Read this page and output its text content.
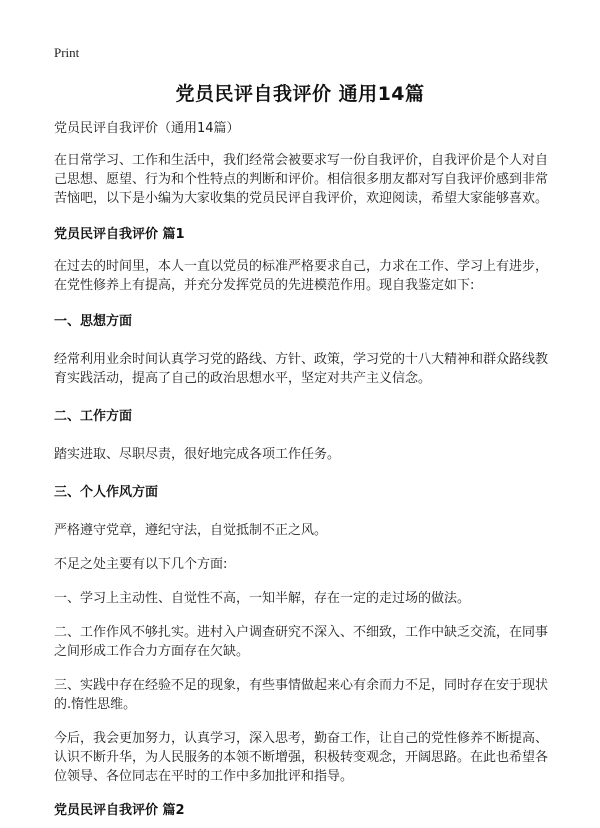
Print
党员民评自我评价 通用14篇

党员民评自我评价（通用14篇）

在日常学习、工作和生活中，我们经常会被要求写一份自我评价，自我评价是个人对自己思想、愿望、行为和个性特点的判断和评价。相信很多朋友都对写自我评价感到非常苦恼吧，以下是小编为大家收集的党员民评自我评价，欢迎阅读，希望大家能够喜欢。

党员民评自我评价 篇1

在过去的时间里，本人一直以党员的标准严格要求自己，力求在工作、学习上有进步，在党性修养上有提高，并充分发挥党员的先进模范作用。现自我鉴定如下:

一、思想方面

经常利用业余时间认真学习党的路线、方针、政策，学习党的十八大精神和群众路线教育实践活动，提高了自己的政治思想水平，坚定对共产主义信念。

二、工作方面

踏实进取、尽职尽责，很好地完成各项工作任务。

三、个人作风方面

严格遵守党章，遵纪守法，自觉抵制不正之风。

不足之处主要有以下几个方面:

一、学习上主动性、自觉性不高，一知半解，存在一定的走过场的做法。

二、工作作风不够扎实。进村入户调查研究不深入、不细致，工作中缺乏交流，在同事之间形成工作合力方面存在欠缺。

三、实践中存在经验不足的现象，有些事情做起来心有余而力不足，同时存在安于现状的.惰性思维。

今后，我会更加努力，认真学习，深入思考，勤奋工作，让自己的党性修养不断提高、认识不断升华，为人民服务的本领不断增强，积极转变观念，开阔思路。在此也希望各位领导、各位同志在平时的工作中多加批评和指导。

党员民评自我评价 篇2
